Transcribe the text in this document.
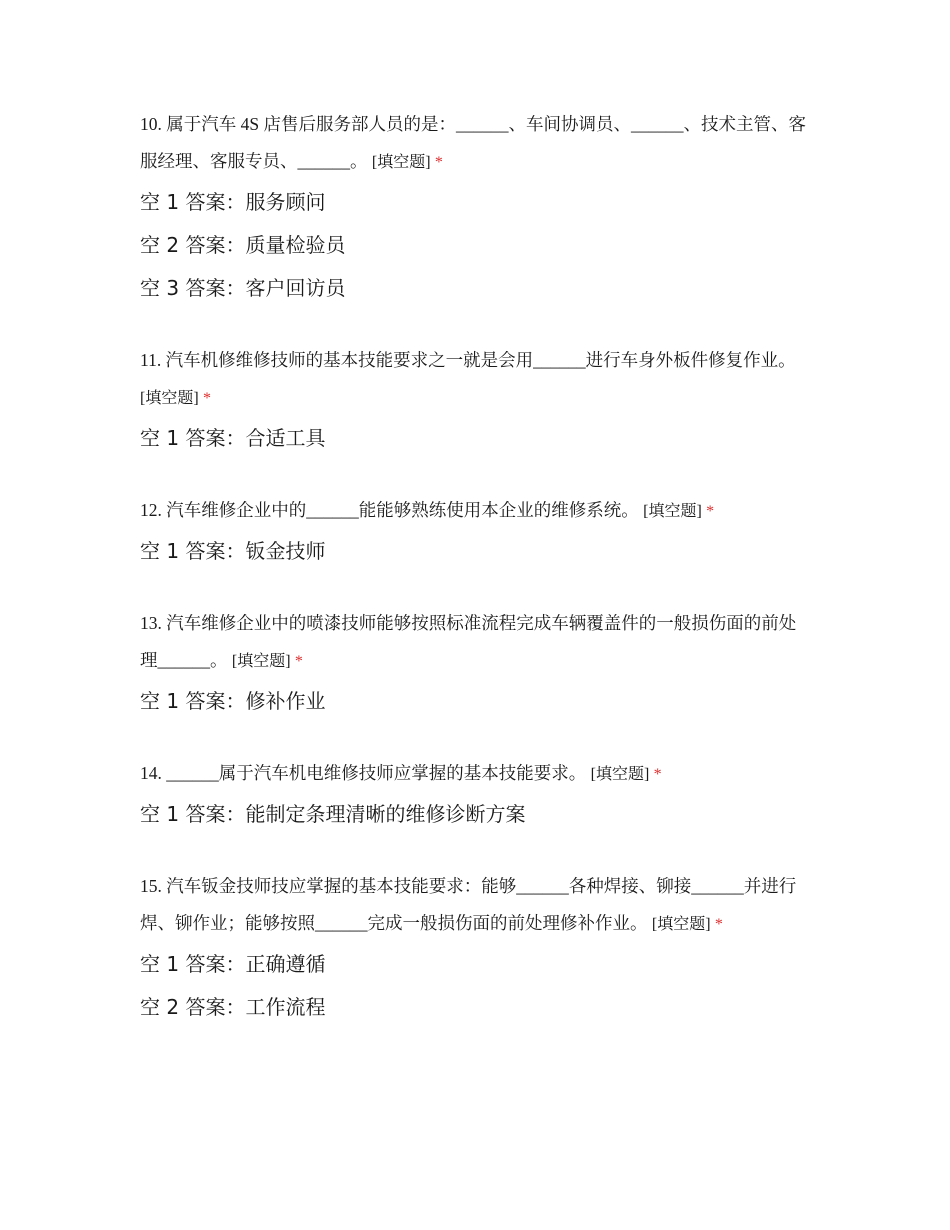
10. 属于汽车 4S 店售后服务部人员的是：______、车间协调员、______、技术主管、客服经理、客服专员、______。 [填空题] *

空 1 答案：服务顾问

空 2 答案：质量检验员

空 3 答案：客户回访员

11. 汽车机修维修技师的基本技能要求之一就是会用______进行车身外板件修复作业。 [填空题] *

空 1 答案：合适工具

12. 汽车维修企业中的______能能够熟练使用本企业的维修系统。 [填空题] *

空 1 答案：钣金技师

13. 汽车维修企业中的喷漆技师能够按照标准流程完成车辆覆盖件的一般损伤面的前处理______。 [填空题] *

空 1 答案：修补作业

14. ______属于汽车机电维修技师应掌握的基本技能要求。 [填空题] *

空 1 答案：能制定条理清晰的维修诊断方案

15. 汽车钣金技师技应掌握的基本技能要求：能够______各种焊接、铆接______并进行焊、铆作业；能够按照______完成一般损伤面的前处理修补作业。 [填空题] *

空 1 答案：正确遵循

空 2 答案：工作流程
